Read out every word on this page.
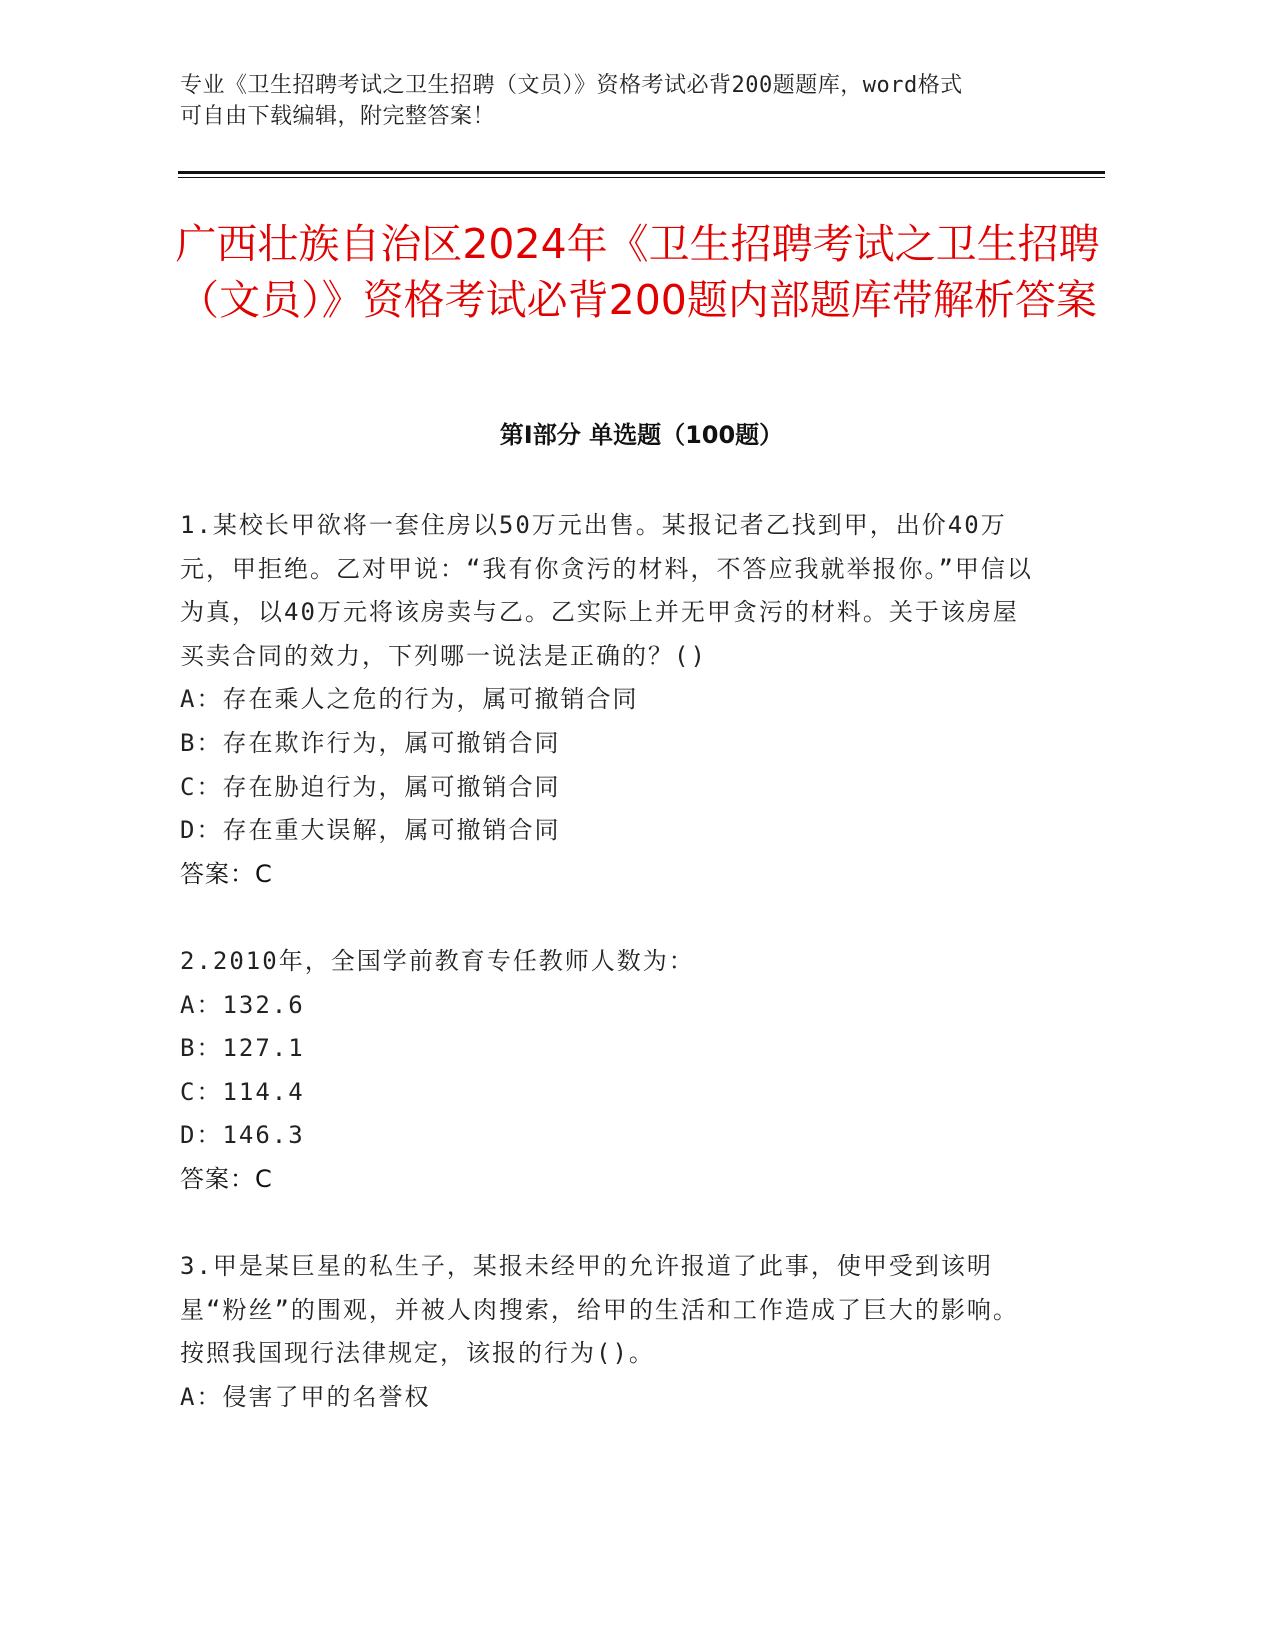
专业《卫生招聘考试之卫生招聘（文员）》资格考试必背200题题库，word格式
可自由下载编辑，附完整答案！
广西壮族自治区2024年《卫生招聘考试之卫生招聘（文员）》资格考试必背200题内部题库带解析答案
第I部分 单选题（100题）

1.某校长甲欲将一套住房以50万元出售。某报记者乙找到甲，出价40万元，甲拒绝。乙对甲说：“我有你贪污的材料，不答应我就举报你。”甲信以为真，以40万元将该房卖与乙。乙实际上并无甲贪污的材料。关于该房屋买卖合同的效力，下列哪一说法是正确的？()

A：存在乘人之危的行为，属可撤销合同

B：存在欺诈行为，属可撤销合同

C：存在胁迫行为，属可撤销合同

D：存在重大误解，属可撤销合同

答案：C

2.2010年，全国学前教育专任教师人数为：

A：132.6

B：127.1

C：114.4

D：146.3

答案：C

3.甲是某巨星的私生子，某报未经甲的允许报道了此事，使甲受到该明星“粉丝”的围观，并被人肉搜索，给甲的生活和工作造成了巨大的影响。按照我国现行法律规定，该报的行为()。

A：侵害了甲的名誉权
